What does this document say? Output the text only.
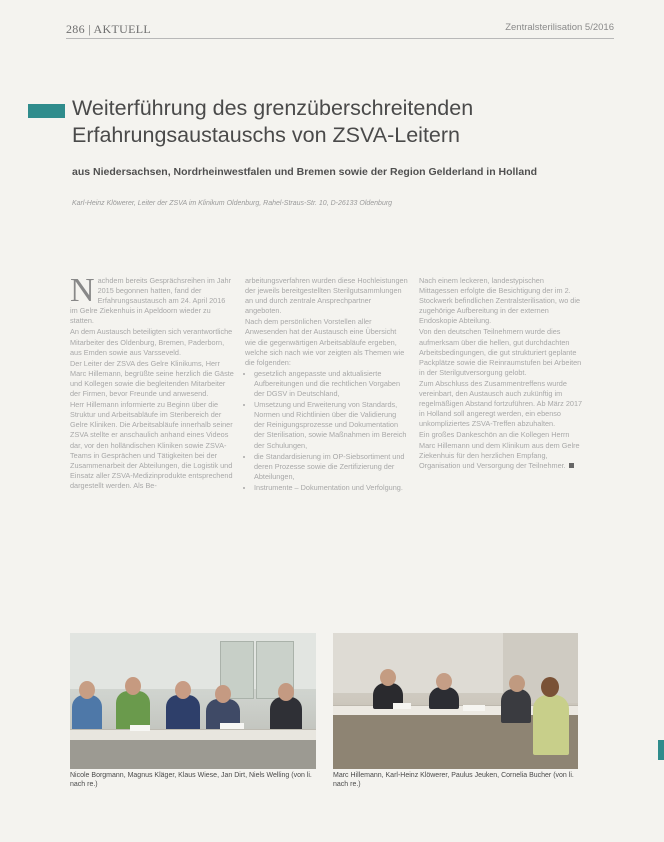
286 | AKTUELL	Zentralsterilisation 5/2016
Weiterführung des grenzüberschreitenden
Erfahrungsaustauschs von ZSVA-Leitern

aus Niedersachsen, Nordrheinwestfalen und Bremen sowie der Region Gelderland in Holland

Karl-Heinz Klöwerer, Leiter der ZSVA im Klinikum Oldenburg, Rahel-Straus-Str. 10, D-26133 Oldenburg

Nachdem bereits Gesprächsreihen im Jahr 2015 begonnen hatten, fand der Erfahrungsaustausch am 24. April 2016 im Gelre Ziekenhuis in Apeldoorn wieder zu statten.

An dem Austausch beteiligten sich verantwortliche Mitarbeiter des Oldenburg, Bremen, Paderborn, aus Emden sowie aus Varsseveld.

Der Leiter der ZSVA des Gelre Klinikums, Herr Marc Hillemann, begrüßte seine herzlich die Gäste und Kollegen sowie die begleitenden Mitarbeiter der Firmen, bevor Freunde und anwesend.

Herr Hillemann informierte zu Beginn über die Struktur und Arbeitsabläufe im Steribereich der Gelre Kliniken. Die Arbeitsabläufe innerhalb seiner ZSVA stellte er anschaulich anhand eines Videos dar, vor den holländischen Kliniken sowie ZSVA-Teams in Gesprächen und Tätigkeiten bei der Zusammenarbeit der Abteilungen, die Logistik und Einsatz aller ZSVA-Medizinprodukte entsprechend dargestellt werden. Als Be-

arbeitungsverfahren wurden diese Hochleistungen der jeweils bereitgestellten Sterilgutsammlungen an und durch zentrale Ansprechpartner angeboten.

Nach dem persönlichen Vorstellen aller Anwesenden hat der Austausch eine Übersicht wie die gegenwärtigen Arbeitsabläufe ergeben, welche sich nach wie vor zeigten als Themen wie die folgenden:

• gesetzlich angepasste und aktualisierte Aufbereitungen und die rechtlichen Vorgaben der DGSV in Deutschland,
• Umsetzung und Erweiterung von Standards, Normen und Richtlinien über die Validierung der Reinigungsprozesse und Dokumentation der Sterilisation, sowie Maßnahmen im Bereich der Schulungen,
• die Standardisierung im OP-Siebsortiment und deren Prozesse sowie die Zertifizierung der Abteilungen,
• Instrumente – Dokumentation und Verfolgung.

Nach einem leckeren, landestypischen Mittagessen erfolgte die Besichtigung der im 2. Stockwerk befindlichen Zentralsterilisation, wo die zugehörige Aufbereitung in der externen Endoskopie Abteilung.

Von den deutschen Teilnehmern wurde dies aufmerksam über die hellen, gut durchdachten Arbeitsbedingungen, die gut strukturiert geplante Packplätze sowie die Reinraumstufen bei Arbeiten in der Sterilgutversorgung gelobt.

Zum Abschluss des Zusammentreffens wurde vereinbart, den Austausch auch zukünftig im regelmäßigen Abstand fortzuführen. Ab März 2017 in Holland soll angeregt werden, ein ebenso unkompliziertes ZSVA-Treffen abzuhalten.

Ein großes Dankeschön an die Kollegen Herrn Marc Hillemann und dem Klinikum aus dem Gelre Ziekenhuis für den herzlichen Empfang, Organisation und Versorgung der Teilnehmer.

Nicole Borgmann, Magnus Kläger, Klaus Wiese, Jan Dirt, Niels Welling (von li. nach re.)
Marc Hillemann, Karl-Heinz Klöwerer, Paulus Jeuken, Cornelia Bucher (von li. nach re.)
